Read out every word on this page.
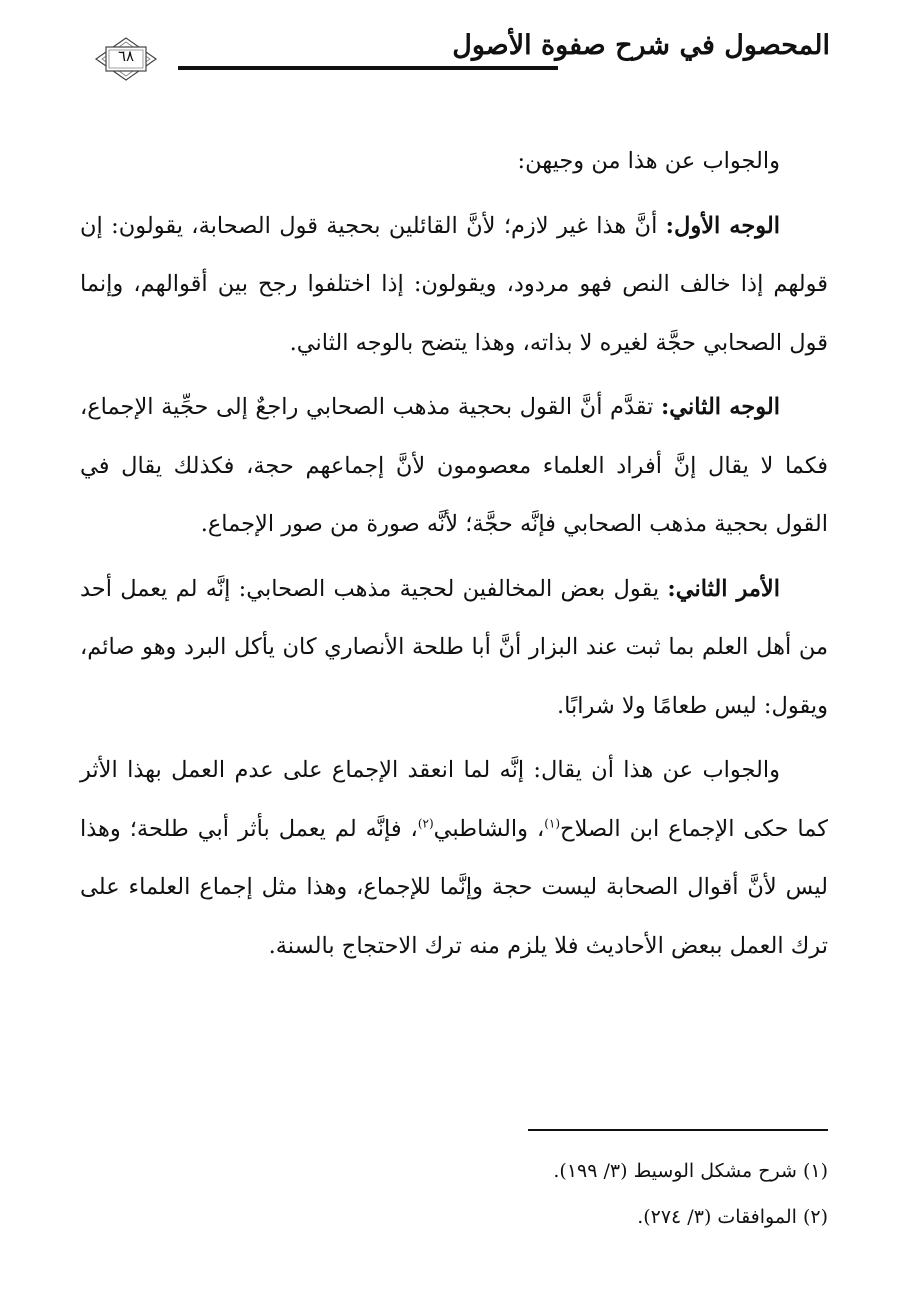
المحصول في شرح صفوة الأصول
٦٨

والجواب عن هذا من وجيهن:

الوجه الأول: أنَّ هذا غير لازم؛ لأنَّ القائلين بحجية قول الصحابة، يقولون: إن قولهم إذا خالف النص فهو مردود، ويقولون: إذا اختلفوا رجح بين أقوالهم، وإنما قول الصحابي حجَّة لغيره لا بذاته، وهذا يتضح بالوجه الثاني.

الوجه الثاني: تقدَّم أنَّ القول بحجية مذهب الصحابي راجعٌ إلى حجِّية الإجماع، فكما لا يقال إنَّ أفراد العلماء معصومون لأنَّ إجماعهم حجة، فكذلك يقال في القول بحجية مذهب الصحابي فإنَّه حجَّة؛ لأنَّه صورة من صور الإجماع.

الأمر الثاني: يقول بعض المخالفين لحجية مذهب الصحابي: إنَّه لم يعمل أحد من أهل العلم بما ثبت عند البزار أنَّ أبا طلحة الأنصاري كان يأكل البرد وهو صائم، ويقول: ليس طعامًا ولا شرابًا.

والجواب عن هذا أن يقال: إنَّه لما انعقد الإجماع على عدم العمل بهذا الأثر كما حكى الإجماع ابن الصلاح$^{(١)}$، والشاطبي$^{(٢)}$، فإنَّه لم يعمل بأثر أبي طلحة؛ وهذا ليس لأنَّ أقوال الصحابة ليست حجة وإنَّما للإجماع، وهذا مثل إجماع العلماء على ترك العمل ببعض الأحاديث فلا يلزم منه ترك الاحتجاج بالسنة.

(١) شرح مشكل الوسيط (٣/ ١٩٩).
(٢) الموافقات (٣/ ٢٧٤).
